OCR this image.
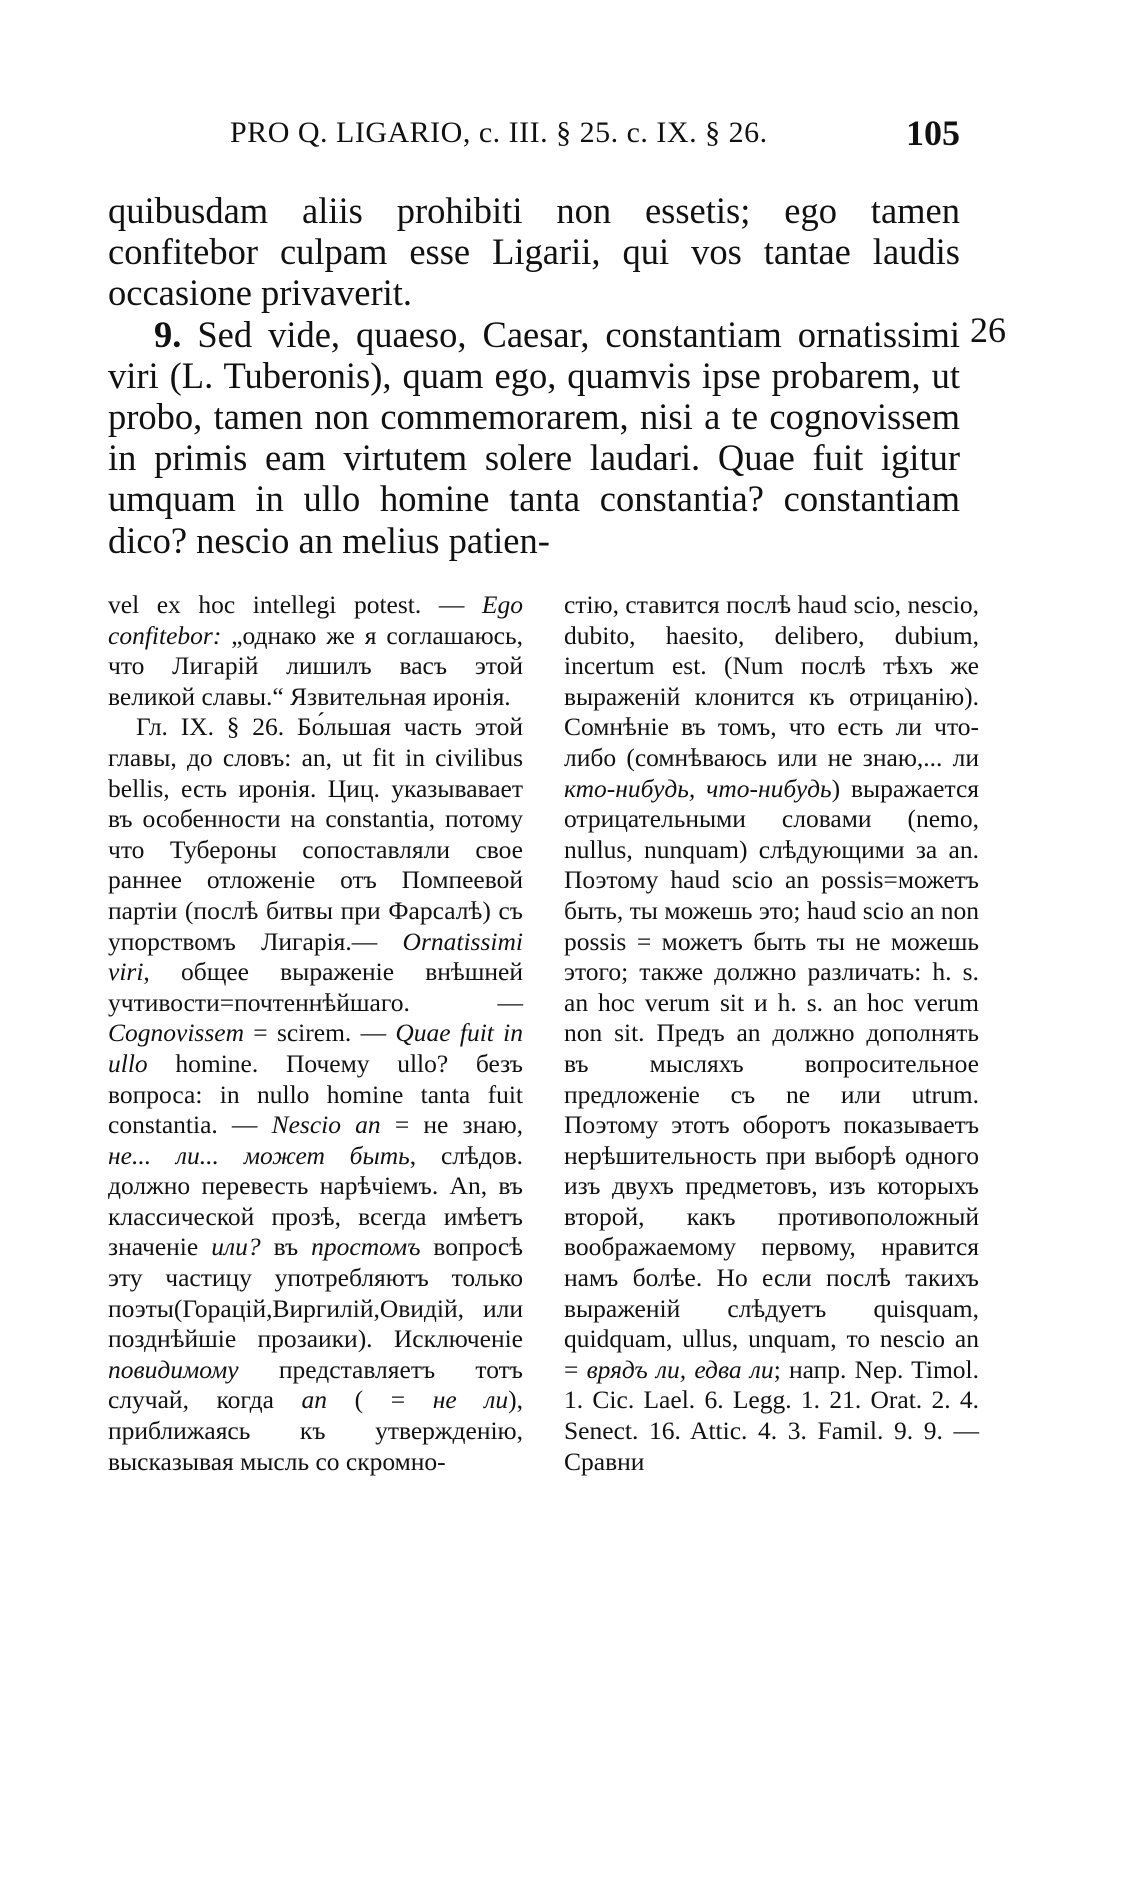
PRO Q. LIGARIO, c. III. § 25. c. IX. § 26.	105

quibusdam aliis prohibiti non essetis; ego tamen confitebor culpam esse Ligarii, qui vos tantae laudis occasione privaverit.

9. Sed vide, quaeso, Caesar, constantiam ornatissimi viri (L. Tuberonis), quam ego, quamvis ipse probarem, ut probo, tamen non commemorarem, nisi a te cognovissem in primis eam virtutem solere laudari. Quae fuit igitur umquam in ullo homine tanta constantia? constantiam dico? nescio an melius patien-

26

vel ex hoc intellegi potest. — Ego confitebor: „однако же я соглашаюсь, что Лигарій лишилъ васъ этой великой славы.“ Язвительная иронія.

Гл. IX. § 26. Бо́льшая часть этой главы, до словъ: an, ut fit in civilibus bellis, есть иронія. Циц. указывавает въ особенности на constantia, потому что Тубероны сопоставляли свое раннее отложеніе отъ Помпеевой партіи (послѣ битвы при Фарсалѣ) съ упорствомъ Лигарія.— Ornatissimi viri, общее выраженіе внѣшней учтивости=почтеннѣйшаго. — Cognovissem = scirem. — Quae fuit in ullo homine. Почему ullo? безъ вопроса: in nullo homine tanta fuit constantia. — Nescio an = не знаю, не... ли... может быть, слѣдов. должно перевесть нарѣчіемъ. An, въ классической прозѣ, всегда имѣетъ значеніе или? въ простомъ вопросѣ эту частицу употребляютъ только поэты(Горацій,Виргилій,Овидій, или позднѣйшіе прозаики). Исключеніе повидимому представляетъ тотъ случай, когда an ( = не ли), приближаясь къ утвержденію, высказывая мысль со скромно-

стію, ставится послѣ haud scio, nescio, dubito, haesito, delibero, dubium, incertum est. (Num послѣ тѣхъ же выраженій клонится къ отрицанію). Сомнѣніе въ томъ, что есть ли что-либо (сомнѣваюсь или не знаю,... ли кто-нибудь, что-нибудь) выражается отрицательными словами (nemo, nullus, nunquam) слѣдующими за an. Поэтому haud scio an possis=можетъ быть, ты можешь это; haud scio an non possis = можетъ быть ты не можешь этого; также должно различать: h. s. an hoc verum sit и h. s. an hoc verum non sit. Предъ an должно дополнять въ мысляхъ вопросительное предложеніе съ ne или utrum. Поэтому этотъ оборотъ показываетъ нерѣшительность при выборѣ одного изъ двухъ предметовъ, изъ которыхъ второй, какъ противоположный воображаемому первому, нравится намъ болѣе. Но если послѣ такихъ выраженій слѣдуетъ quisquam, quidquam, ullus, unquam, то nescio an = врядъ ли, едва ли; напр. Nep. Timol. 1. Cic. Lael. 6. Legg. 1. 21. Orat. 2. 4. Senect. 16. Attic. 4. 3. Famil. 9. 9. — Сравни
